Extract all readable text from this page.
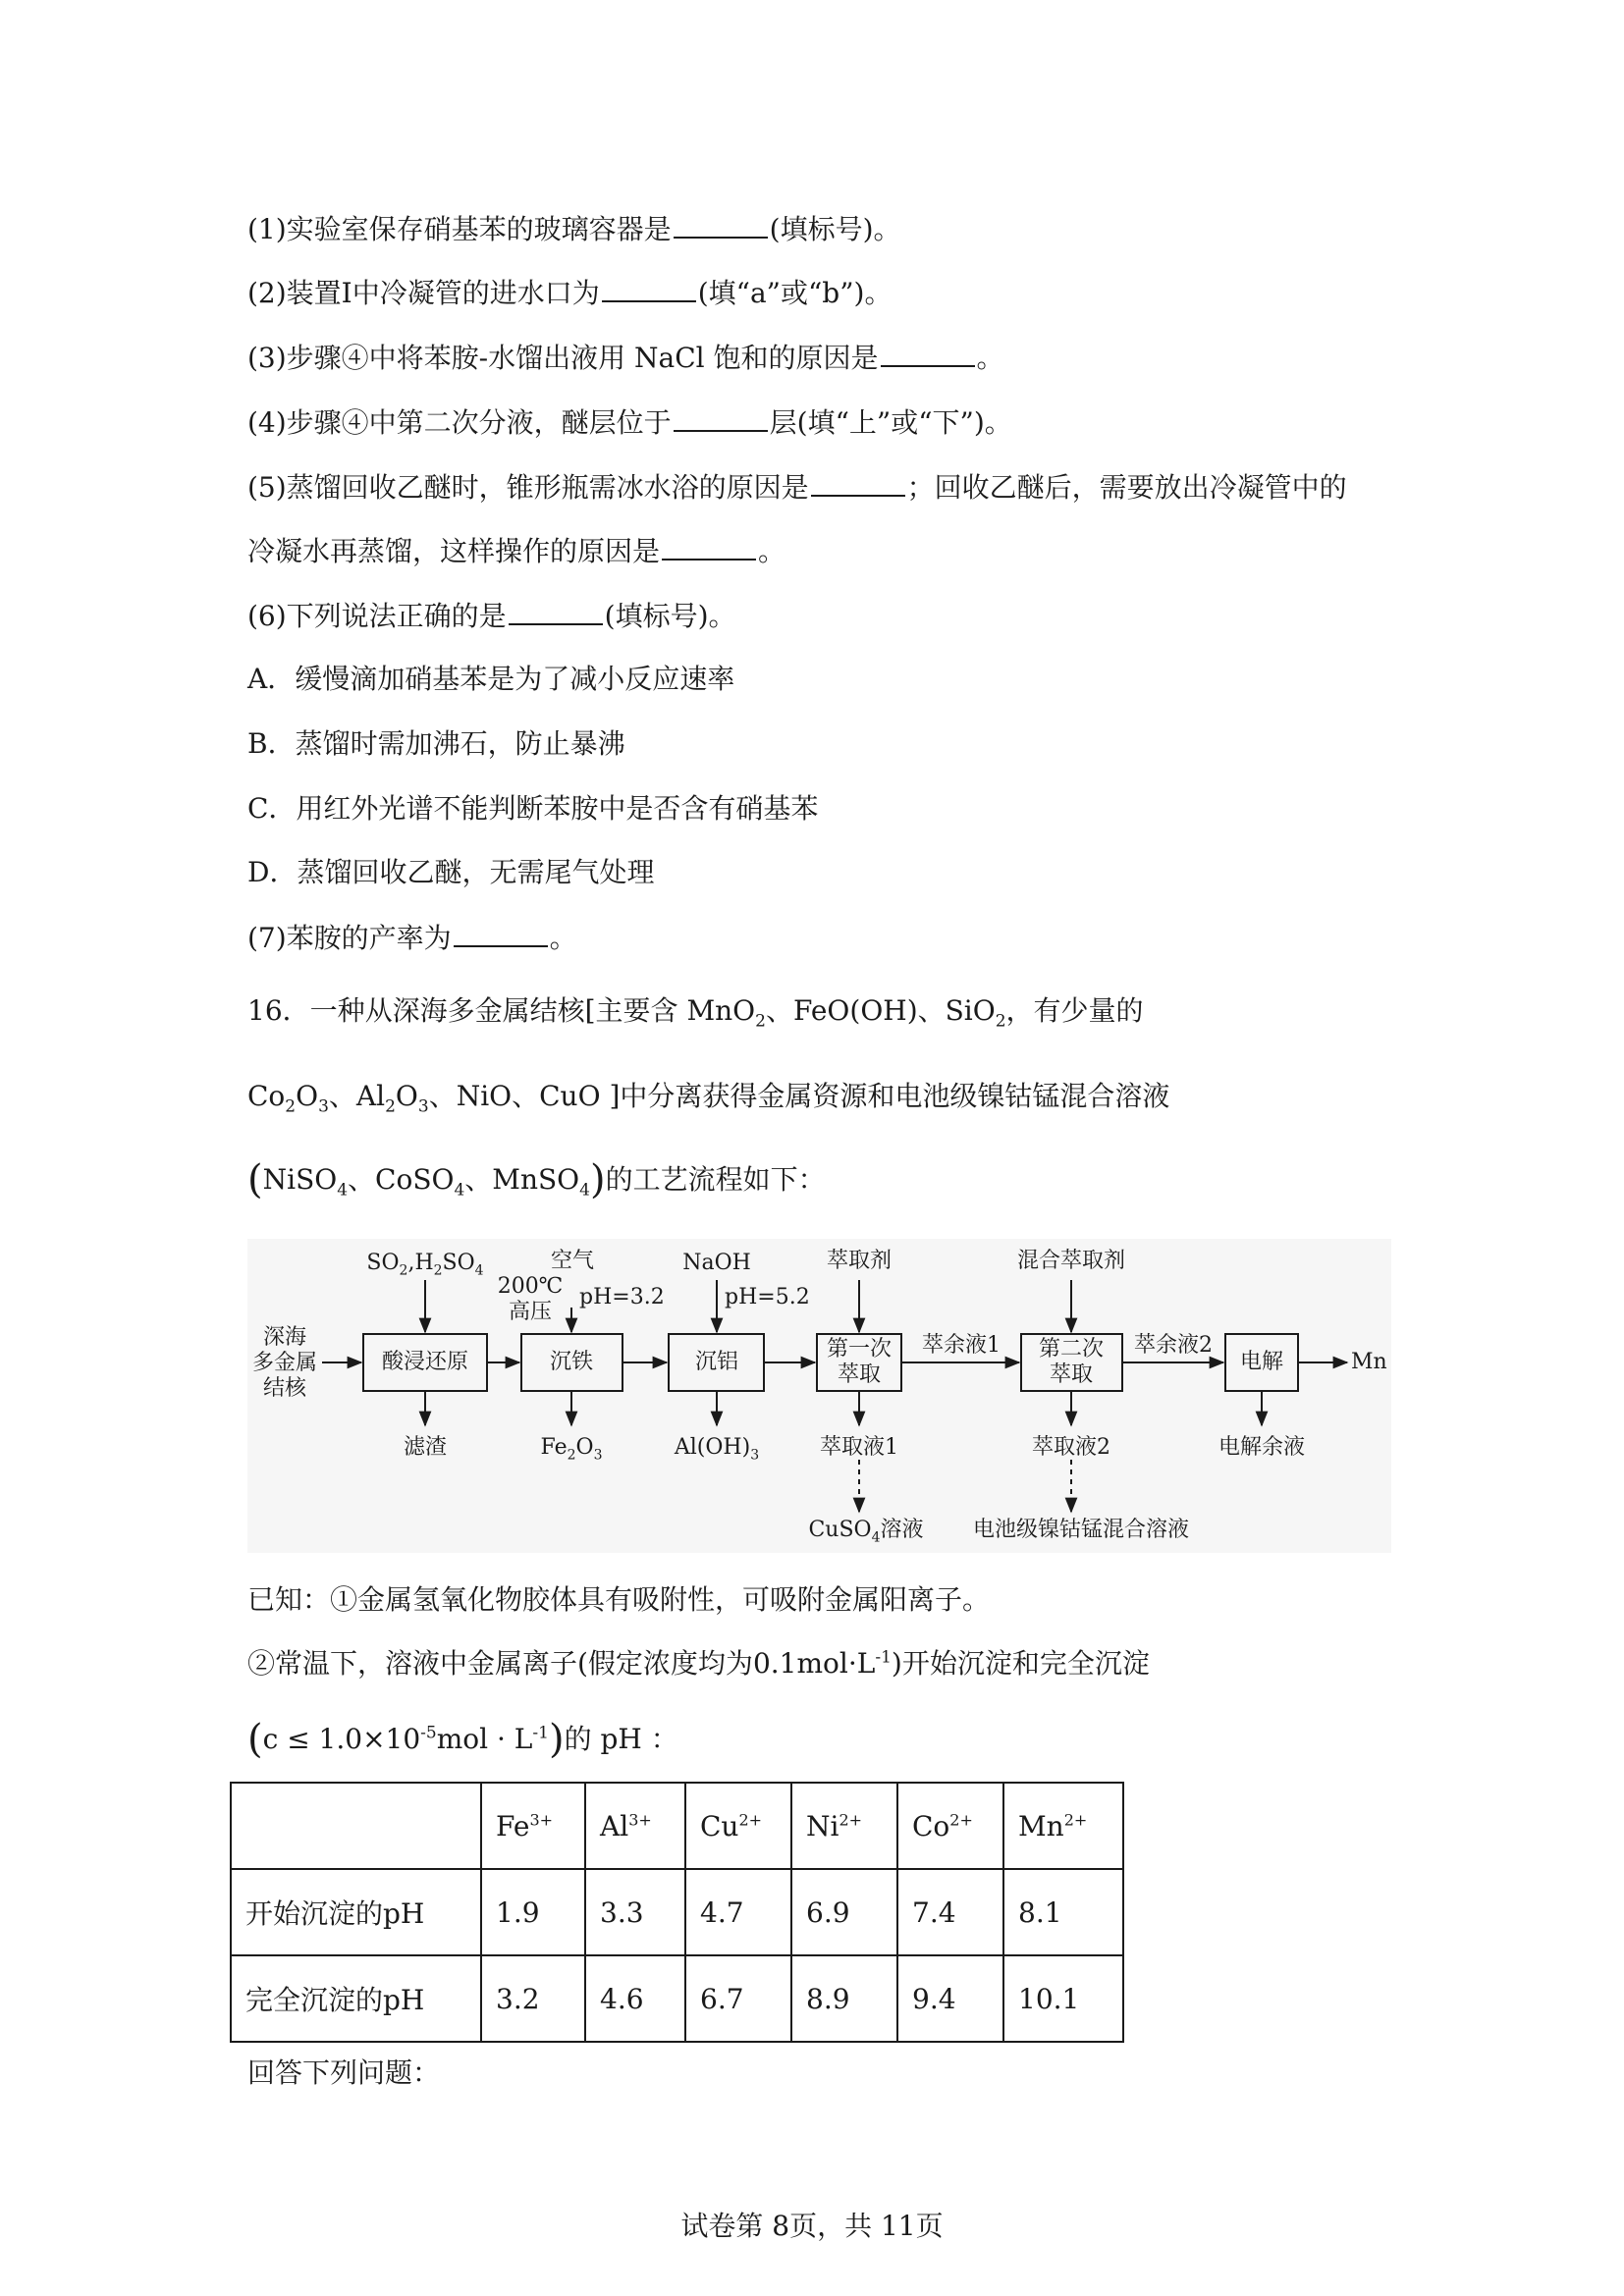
(1)实验室保存硝基苯的玻璃容器是	(填标号)。
(2)装置I中冷凝管的进水口为	(填“a”或“b”)。
(3)步骤④中将苯胺-水馏出液用 NaCl 饱和的原因是	。
(4)步骤④中第二次分液，醚层位于	层(填“上”或“下”)。
(5)蒸馏回收乙醚时，锥形瓶需冰水浴的原因是	；回收乙醚后，需要放出冷凝管中的
冷凝水再蒸馏，这样操作的原因是	。
(6)下列说法正确的是	(填标号)。
A．缓慢滴加硝基苯是为了减小反应速率
B．蒸馏时需加沸石，防止暴沸
C．用红外光谱不能判断苯胺中是否含有硝基苯
D．蒸馏回收乙醚，无需尾气处理
(7)苯胺的产率为	。
16．一种从深海多金属结核[主要含 MnO$_2$、FeO(OH)、SiO$_2$，有少量的
$Co_2O_3$、$Al_2O_3$、NiO、CuO ]中分离获得金属资源和电池级镍钴锰混合溶液
(NiSO$_4$、CoSO$_4$、MnSO$_4$)的工艺流程如下：
深海
多金属
结核
酸浸还原	沉铁	沉铝
第一次
萃取
第二次
萃取
电解
$SO_2,H_2SO_4$	空气
200℃
高压
pH=3.2
NaOH
pH=5.2
萃取剂	混合萃取剂
萃余液1	萃余液2
Mn
滤渣	$Fe_2O_3$	$Al(OH)_3$	萃取液1	萃取液2	电解余液
CuSO$_4$溶液 电池级镍钴锰混合溶液
已知：①金属氢氧化物胶体具有吸附性，可吸附金属阳离子。
②常温下，溶液中金属离子(假定浓度均为$0.1mol\cdot L^{-1}$)开始沉淀和完全沉淀
$(c \le 1.0\times 10^{-5}mol \cdot L^{-1})$的 pH ：
	$Fe^{3+}$	$Al^{3+}$	$Cu^{2+}$	$Ni^{2+}$	$Co^{2+}$	$Mn^{2+}$
开始沉淀的pH	1.9	3.3	4.7	6.9	7.4	8.1
完全沉淀的pH	3.2	4.6	6.7	8.9	9.4	10.1
回答下列问题：
试卷第 8页，共 11页
